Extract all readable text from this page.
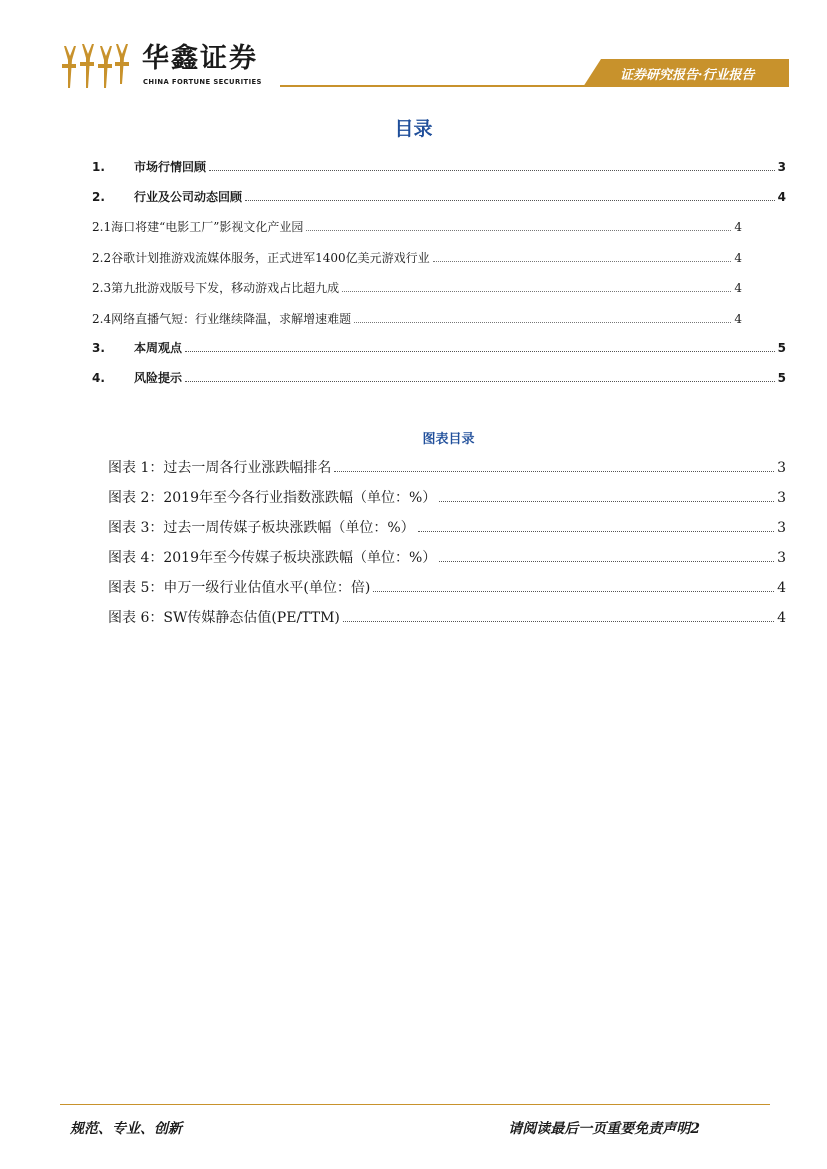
华鑫证券
CHINA FORTUNE SECURITIES	证券研究报告·行业报告
目录
1.	市场行情回顾	3
2.	行业及公司动态回顾	4
2.1海口将建“电影工厂”影视文化产业园	4
2.2谷歌计划推游戏流媒体服务，正式进军1400亿美元游戏行业	4
2.3第九批游戏版号下发，移动游戏占比超九成	4
2.4网络直播气短：行业继续降温，求解增速难题	4
3.	本周观点	5
4.	风险提示	5
图表目录
图表 1：过去一周各行业涨跌幅排名	3
图表 2：2019年至今各行业指数涨跌幅（单位：%）	3
图表 3：过去一周传媒子板块涨跌幅（单位：%）	3
图表 4：2019年至今传媒子板块涨跌幅（单位：%）	3
图表 5：申万一级行业估值水平(单位：倍)	4
图表 6：SW传媒静态估值(PE/TTM)	4
规范、专业、创新	请阅读最后一页重要免责声明2
